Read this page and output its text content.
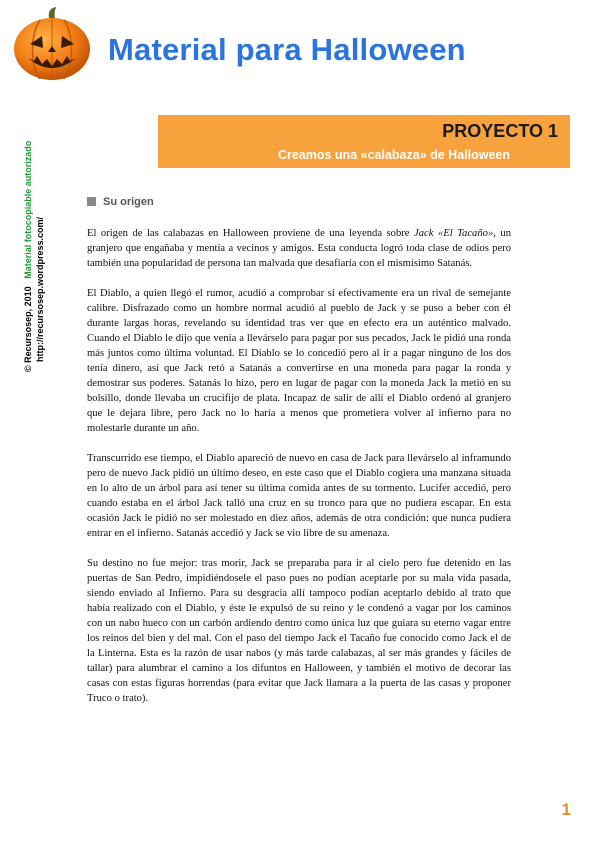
Material para Halloween
© Recursosep, 2010   Material fotocopiable autorizado
http://recursosep.wordpress.com/
PROYECTO 1
Creamos una «calabaza» de Halloween
Su origen

El origen de las calabazas en Halloween proviene de una leyenda sobre Jack «El Tacaño», un granjero que engañaba y mentía a vecinos y amigos. Esta conducta logró toda clase de odios pero también una popularidad de persona tan malvada que desafiaría con el mismísimo Satanás.

El Diablo, a quien llegó el rumor, acudió a comprobar si efectivamente era un rival de semejante calibre. Disfrazado como un hombre normal acudió al pueblo de Jack y se puso a beber con él durante largas horas, revelando su identidad tras ver que en efecto era un auténtico malvado. Cuando el Diablo le dijo que venía a llevárselo para pagar por sus pecados, Jack le pidió una ronda más juntos como última voluntad. El Diablo se lo concedió pero al ir a pagar ninguno de los dos tenía dinero, así que Jack retó a Satanás a convertirse en una moneda para pagar la ronda y demostrar sus poderes. Satanás lo hizo, pero en lugar de pagar con la moneda Jack la metió en su bolsillo, donde llevaba un crucifijo de plata. Incapaz de salir de allí el Diablo ordenó al granjero que le dejara libre, pero Jack no lo haría a menos que prometiera volver al infierno para no molestarle durante un año.

Transcurrido ese tiempo, el Diablo apareció de nuevo en casa de Jack para llevárselo al inframundo pero de nuevo Jack pidió un último deseo, en este caso que el Diablo cogiera una manzana situada en lo alto de un árbol para así tener su última comida antes de su tormento. Lucifer accedió, pero cuando estaba en el árbol Jack talló una cruz en su tronco para que no pudiera escapar. En esta ocasión Jack le pidió no ser molestado en diez años, además de otra condición: que nunca pudiera entrar en el infierno. Satanás accedió y Jack se vio libre de su amenaza.

Su destino no fue mejor: tras morir, Jack se preparaba para ir al cielo pero fue detenido en las puertas de San Pedro, impidiéndosele el paso pues no podían aceptarle por su mala vida pasada, siendo enviado al Infierno. Para su desgracia allí tampoco podían aceptarlo debido al trato que había realizado con el Diablo, y éste le expulsó de su reino y le condenó a vagar por los caminos con un nabo hueco con un carbón ardiendo dentro como única luz que guiara su eterno vagar entre los reinos del bien y del mal. Con el paso del tiempo Jack el Tacaño fue conocido como Jack el de la Linterna. Esta es la razón de usar nabos (y más tarde calabazas, al ser más grandes y fáciles de tallar) para alumbrar el camino a los difuntos en Halloween, y también el motivo de decorar las casas con estas figuras horrendas (para evitar que Jack llamara a la puerta de las casas y proponer Truco o trato).

1
